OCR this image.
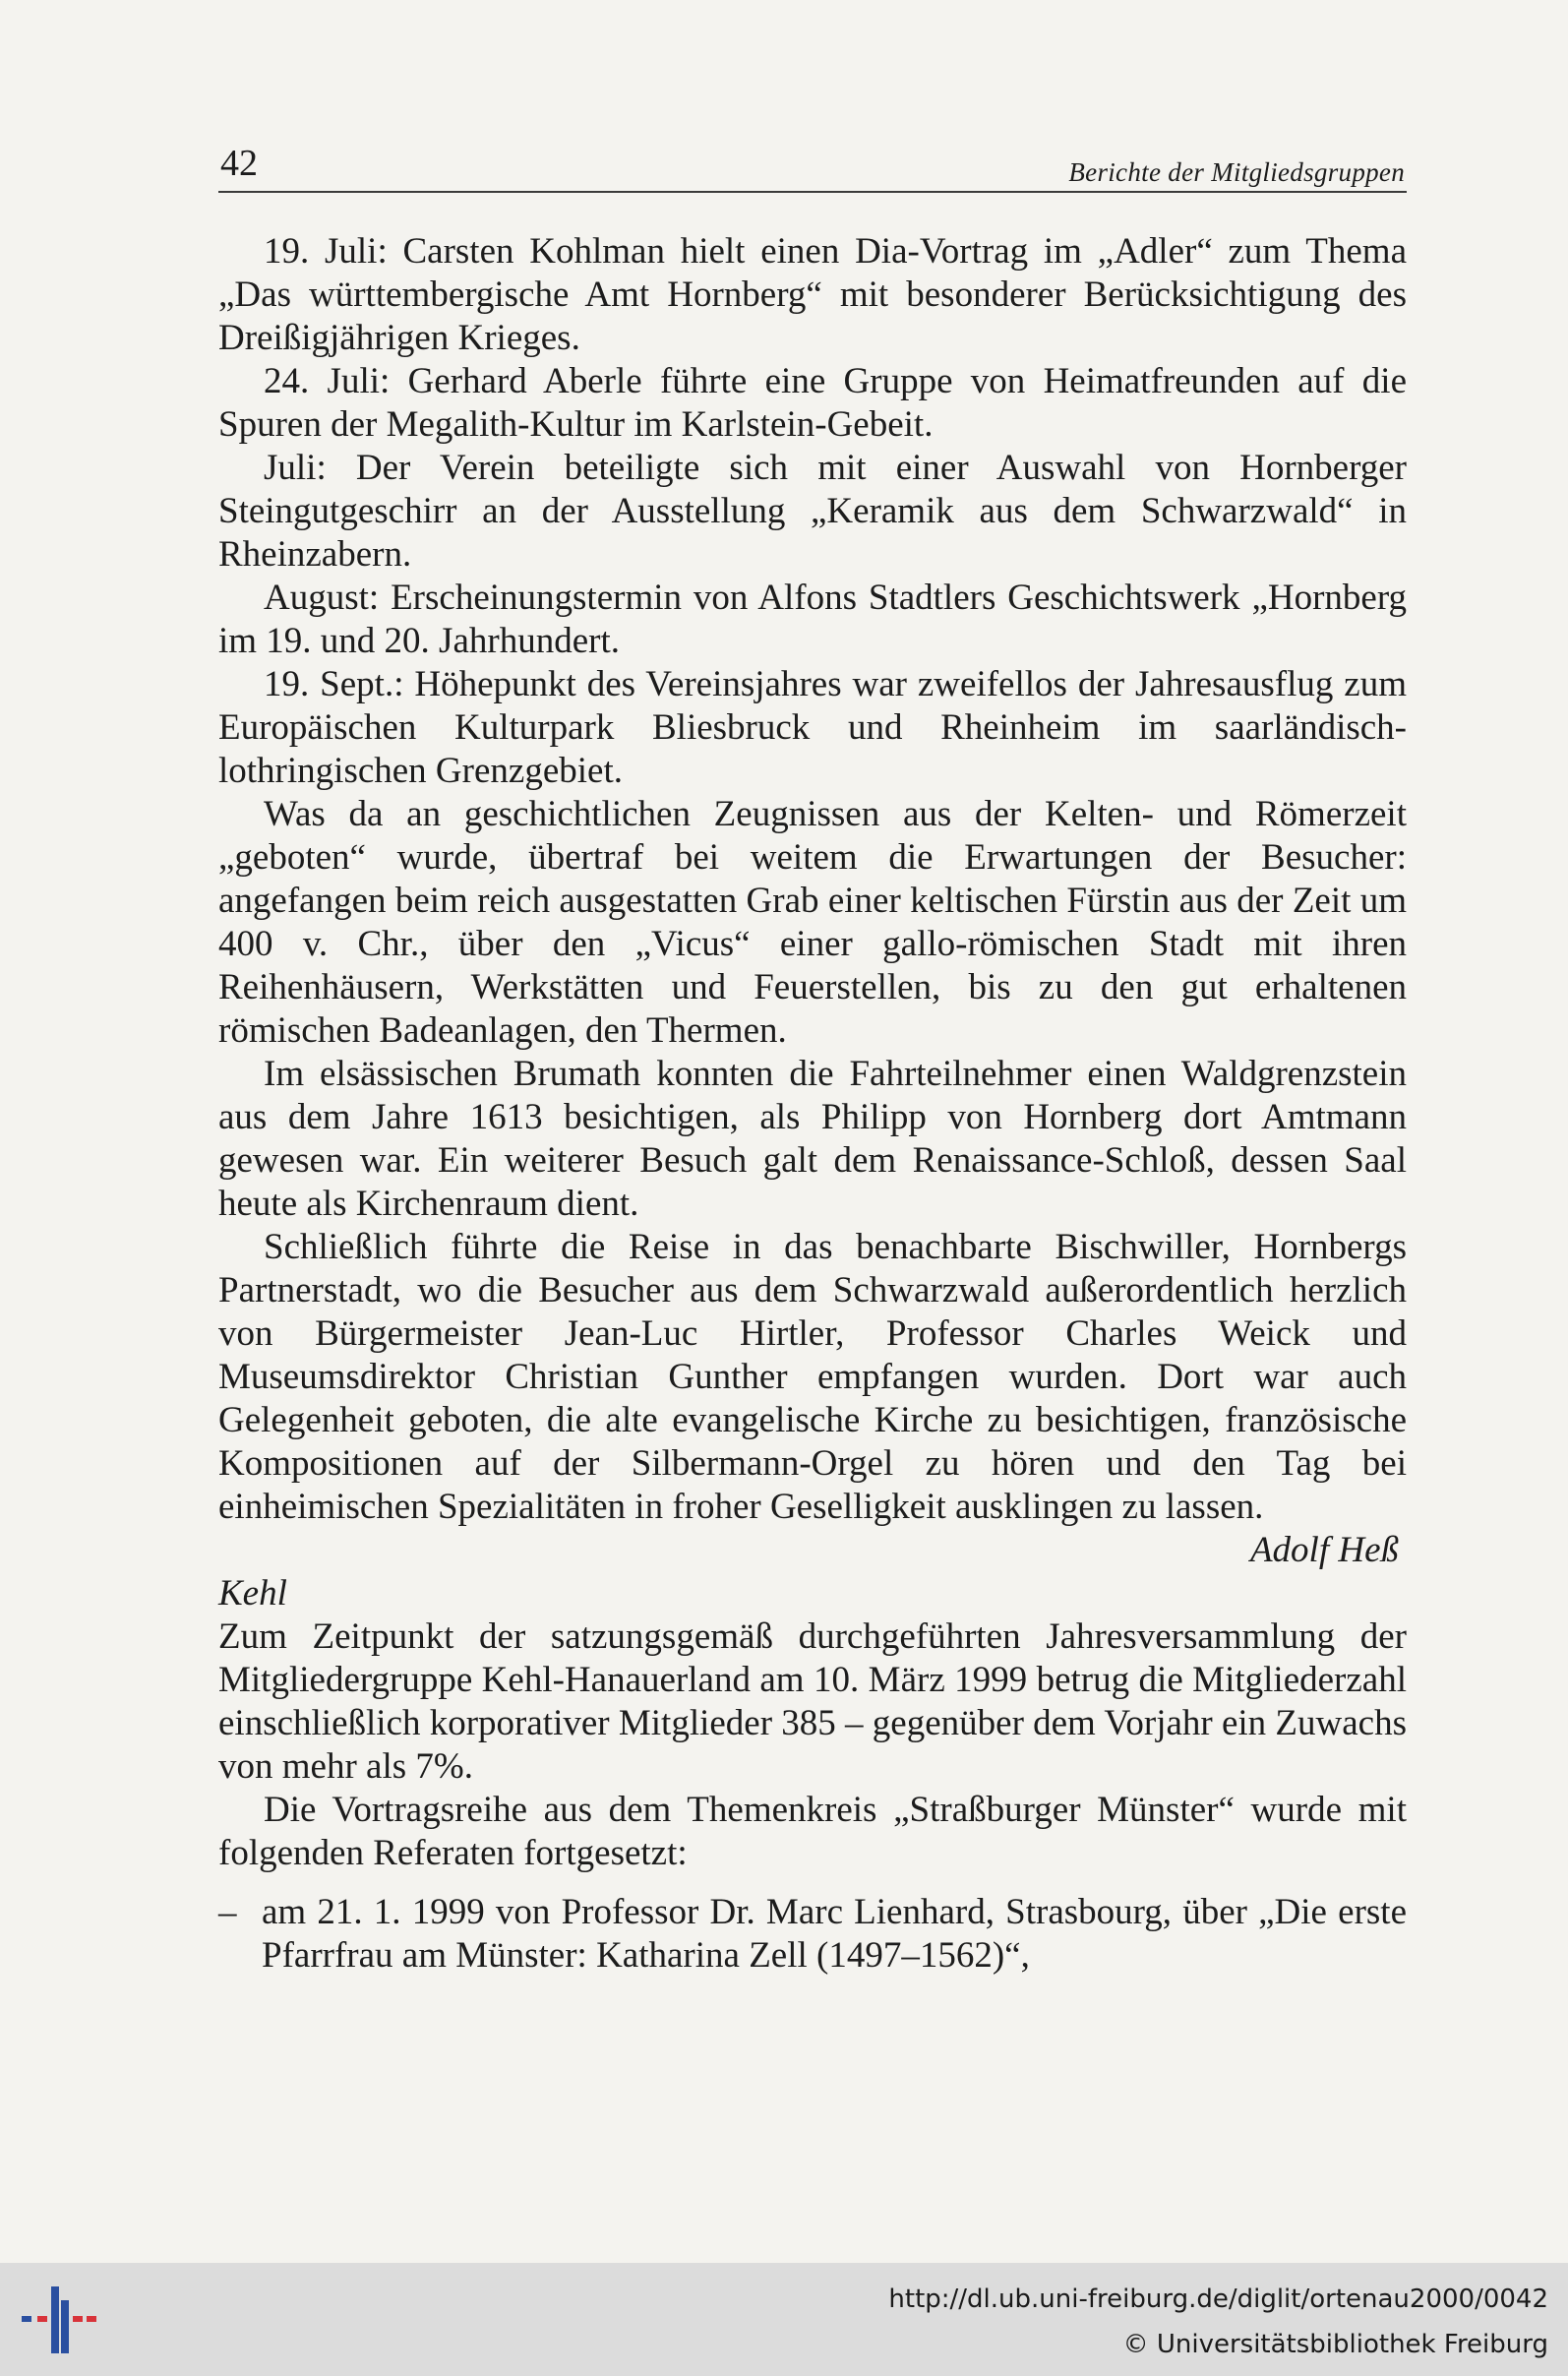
42	Berichte der Mitgliedsgruppen

19. Juli: Carsten Kohlman hielt einen Dia-Vortrag im „Adler“ zum Thema „Das württembergische Amt Hornberg“ mit besonderer Berücksichtigung des Dreißigjährigen Krieges.

24. Juli: Gerhard Aberle führte eine Gruppe von Heimatfreunden auf die Spuren der Megalith-Kultur im Karlstein-Gebeit.

Juli: Der Verein beteiligte sich mit einer Auswahl von Hornberger Steingutgeschirr an der Ausstellung „Keramik aus dem Schwarzwald“ in Rheinzabern.

August: Erscheinungstermin von Alfons Stadtlers Geschichtswerk „Hornberg im 19. und 20. Jahrhundert.

19. Sept.: Höhepunkt des Vereinsjahres war zweifellos der Jahresausflug zum Europäischen Kulturpark Bliesbruck und Rheinheim im saarländisch-lothringischen Grenzgebiet.

Was da an geschichtlichen Zeugnissen aus der Kelten- und Römerzeit „geboten“ wurde, übertraf bei weitem die Erwartungen der Besucher: angefangen beim reich ausgestatten Grab einer keltischen Fürstin aus der Zeit um 400 v. Chr., über den „Vicus“ einer gallo-römischen Stadt mit ihren Reihenhäusern, Werkstätten und Feuerstellen, bis zu den gut erhaltenen römischen Badeanlagen, den Thermen.

Im elsässischen Brumath konnten die Fahrteilnehmer einen Waldgrenzstein aus dem Jahre 1613 besichtigen, als Philipp von Hornberg dort Amtmann gewesen war. Ein weiterer Besuch galt dem Renaissance-Schloß, dessen Saal heute als Kirchenraum dient.

Schließlich führte die Reise in das benachbarte Bischwiller, Hornbergs Partnerstadt, wo die Besucher aus dem Schwarzwald außerordentlich herzlich von Bürgermeister Jean-Luc Hirtler, Professor Charles Weick und Museumsdirektor Christian Gunther empfangen wurden. Dort war auch Gelegenheit geboten, die alte evangelische Kirche zu besichtigen, französische Kompositionen auf der Silbermann-Orgel zu hören und den Tag bei einheimischen Spezialitäten in froher Geselligkeit ausklingen zu lassen.

Adolf Heß

Kehl

Zum Zeitpunkt der satzungsgemäß durchgeführten Jahresversammlung der Mitgliedergruppe Kehl-Hanauerland am 10. März 1999 betrug die Mitgliederzahl einschließlich korporativer Mitglieder 385 – gegenüber dem Vorjahr ein Zuwachs von mehr als 7%.

Die Vortragsreihe aus dem Themenkreis „Straßburger Münster“ wurde mit folgenden Referaten fortgesetzt:

– am 21. 1. 1999 von Professor Dr. Marc Lienhard, Strasbourg, über „Die erste Pfarrfrau am Münster: Katharina Zell (1497–1562)“,
http://dl.ub.uni-freiburg.de/diglit/ortenau2000/0042
© Universitätsbibliothek Freiburg
